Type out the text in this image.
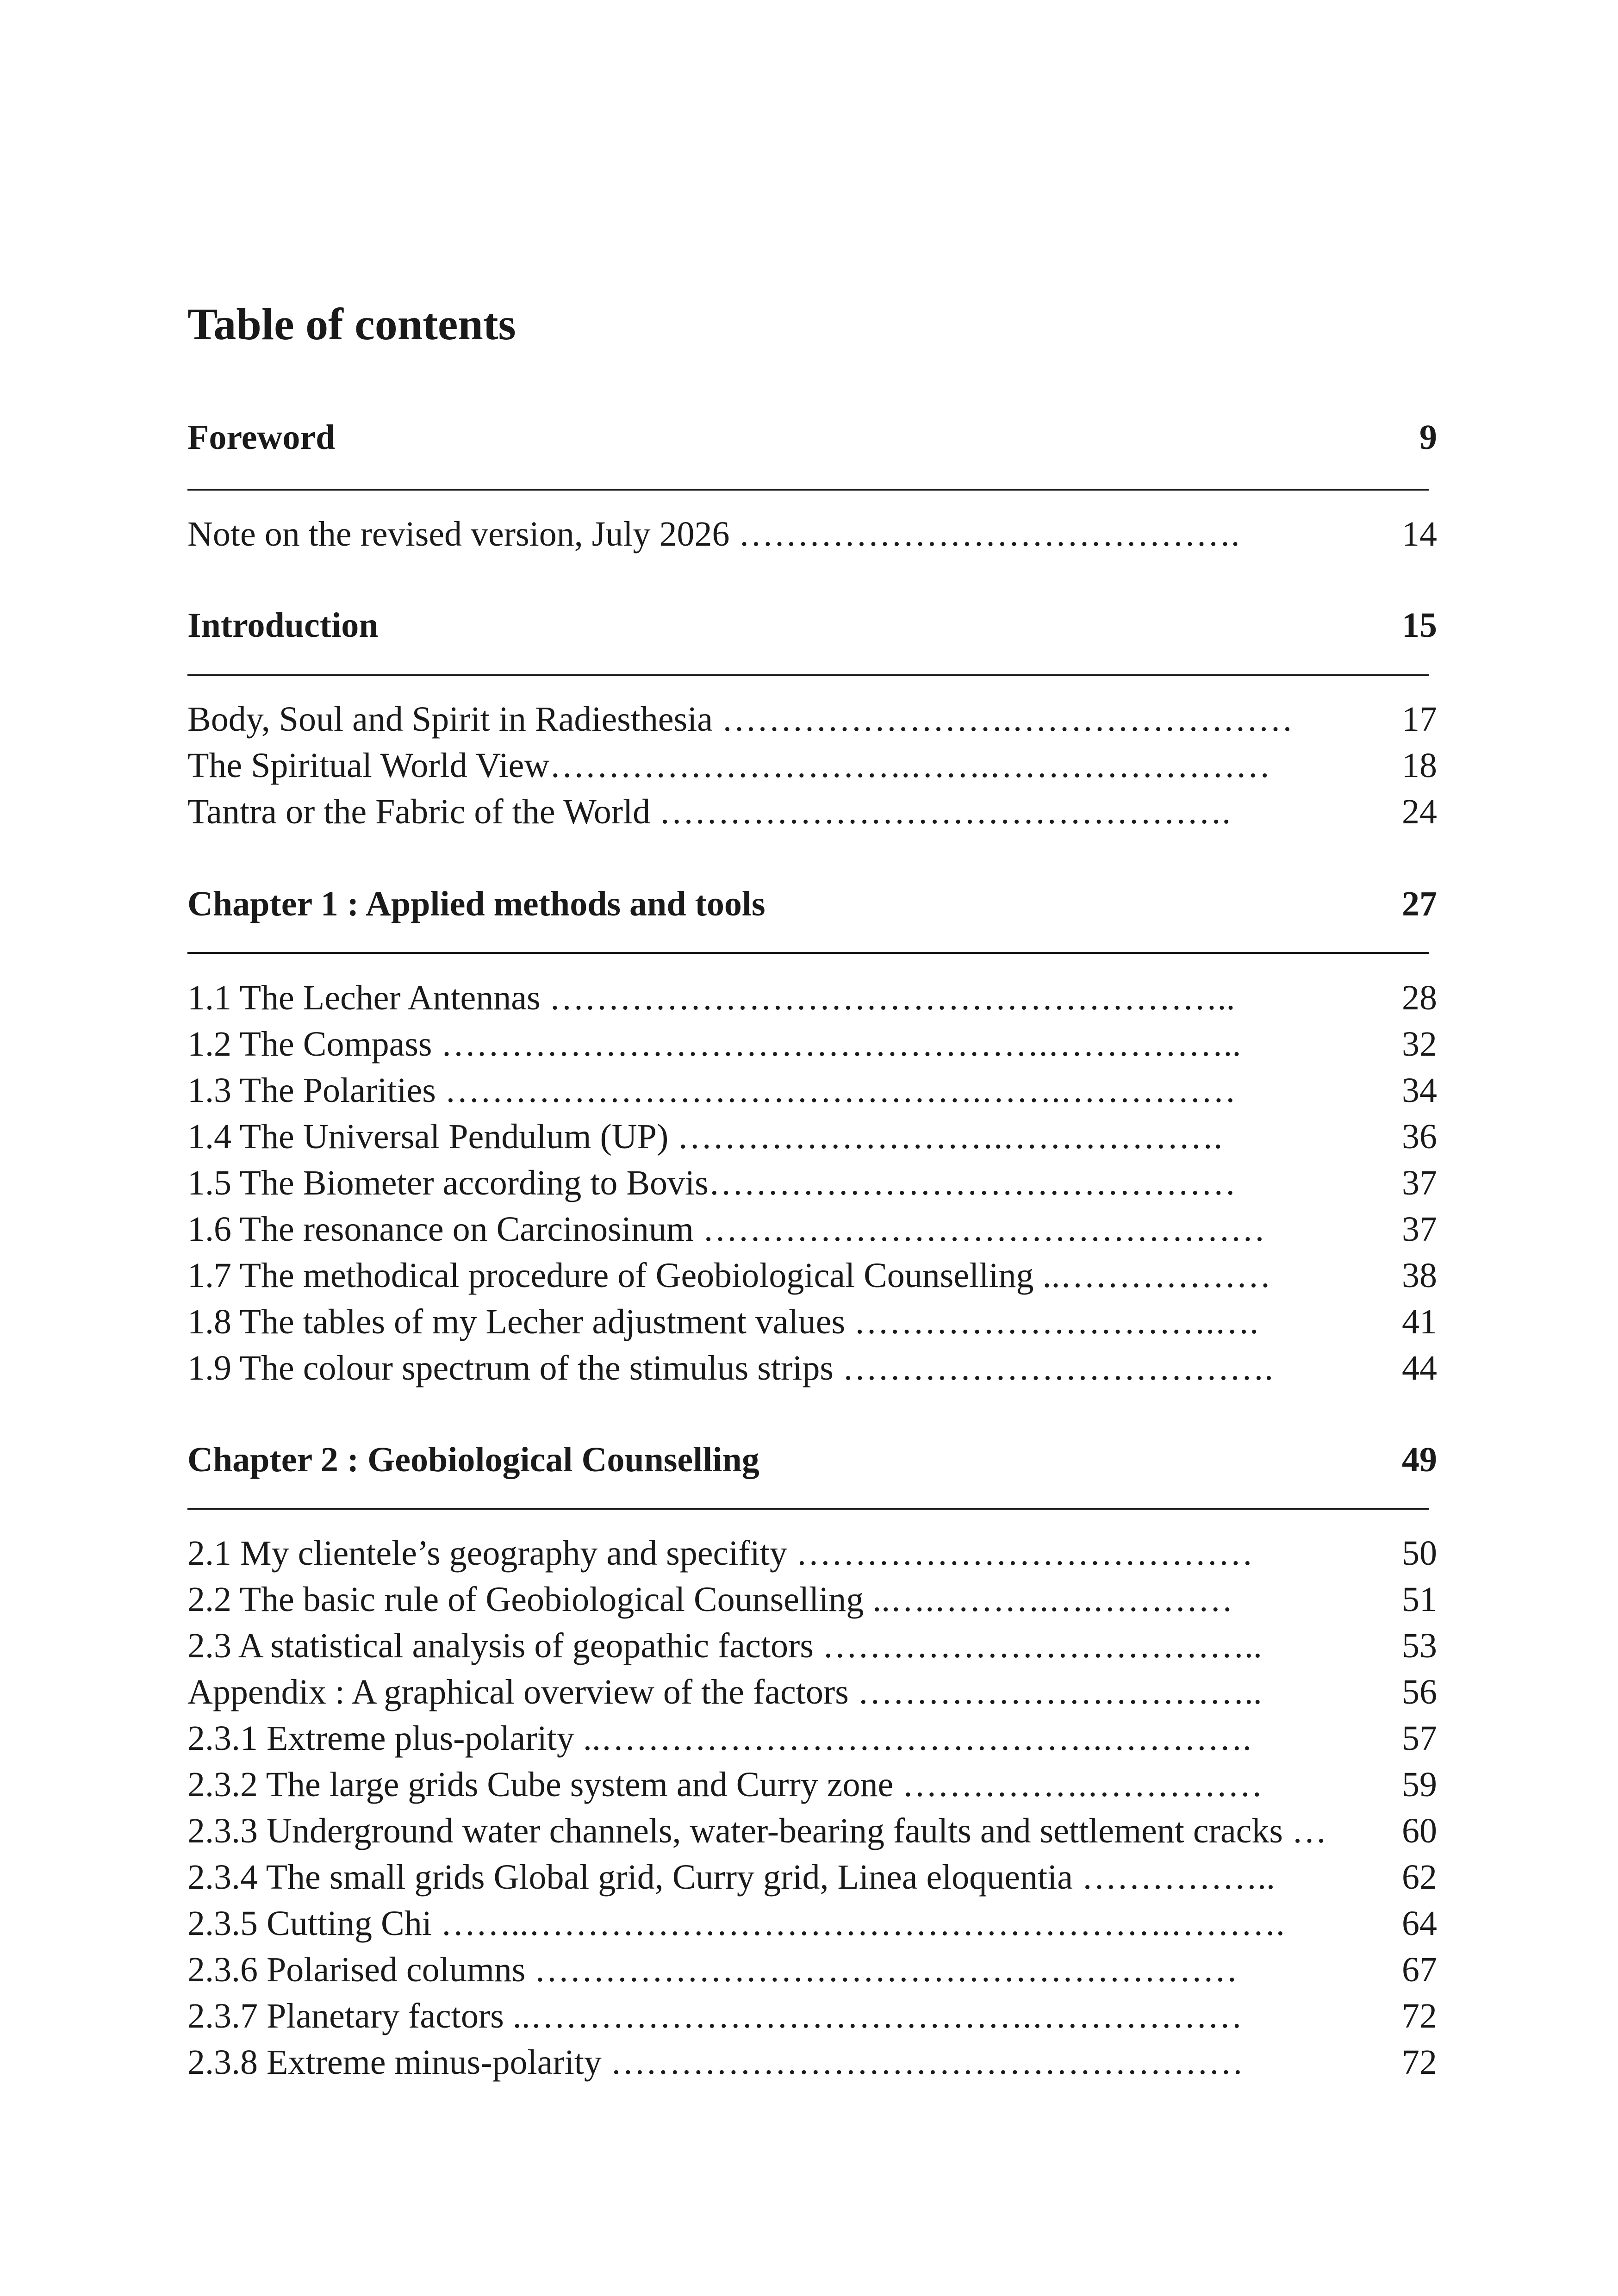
Table of contents
Foreword	9
Note on the revised version, July 2026 …………………………………….	14
Introduction	15
Body, Soul and Spirit in Radiesthesia …………………….……………………	17
The Spiritual World View………………………….…….……………………	18
Tantra or the Fabric of the World ………………………………………….	24
Chapter 1 : Applied methods and tools	27
1.1 The Lecher Antennas …………………………………………………..	28
1.2 The Compass …………………………………………….……………..	32
1.3 The Polarities ……………………………………….…….……………	34
1.4 The Universal Pendulum (UP) ……………………….……………….	36
1.5 The Biometer according to Bovis………………………………………	37
1.6 The resonance on Carcinosinum …………………………………………	37
1.7 The methodical procedure of Geobiological Counselling ..………………	38
1.8 The tables of my Lecher adjustment values ………………………….….	41
1.9 The colour spectrum of the stimulus strips ……………………………….	44
Chapter 2 : Geobiological Counselling	49
2.1 My clientele’s geography and specifity …………………………………	50
2.2 The basic rule of Geobiological Counselling ..….……….….…………	51
2.3 A statistical analysis of geopathic factors ………………………………..	53
Appendix : A graphical overview of the factors ……………………………..	56
2.3.1 Extreme plus-polarity ..…………………………………….………….	57
2.3.2 The large grids Cube system and Curry zone …………….……………	59
2.3.3 Underground water channels, water-bearing faults and settlement cracks … 60
2.3.4 The small grids Global grid, Curry grid, Linea eloquentia ……………..	62
2.3.5 Cutting Chi ……..……………………………………………….……….	64
2.3.6 Polarised columns ……………………………………………………	67
2.3.7 Planetary factors ..…………………………………….………………	72
2.3.8 Extreme minus-polarity ………………………………………………	72
